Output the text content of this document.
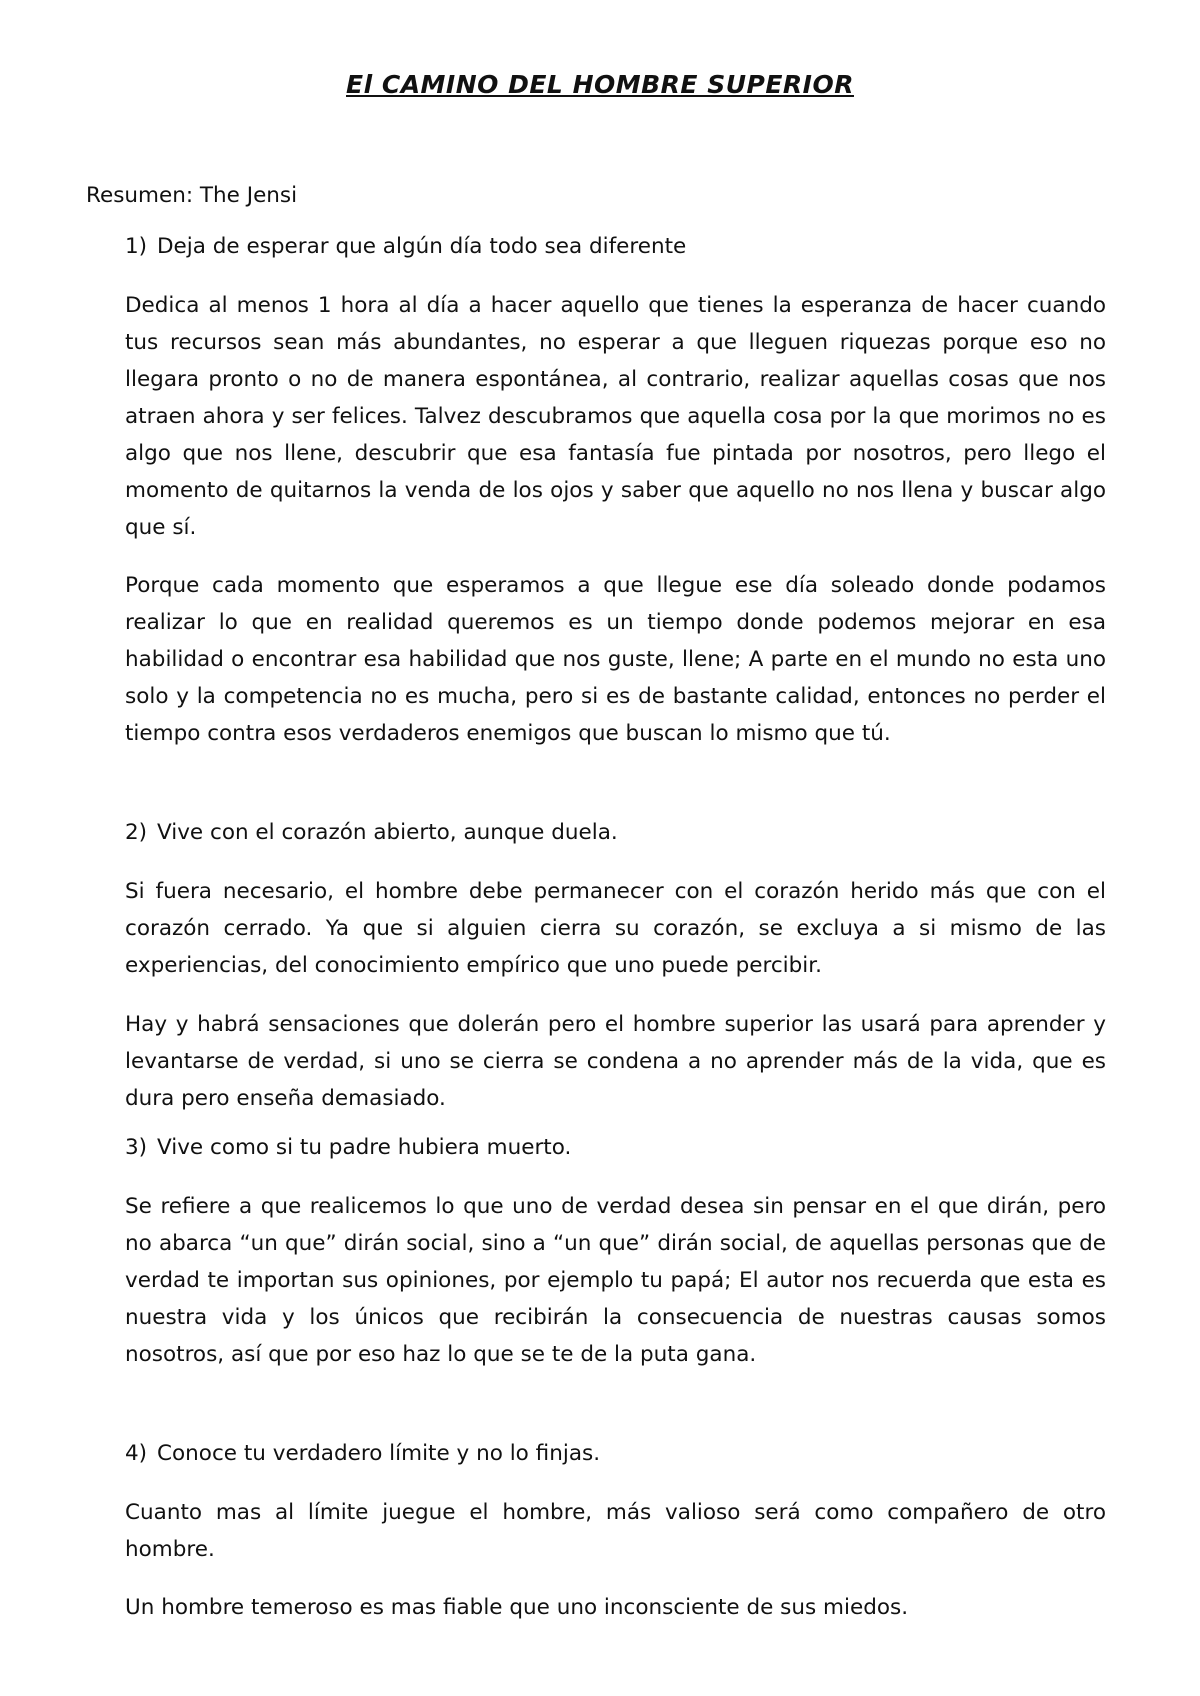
El CAMINO DEL HOMBRE SUPERIOR

Resumen: The Jensi

1) Deja de esperar que algún día todo sea diferente

Dedica al menos 1 hora al día a hacer aquello que tienes la esperanza de hacer cuando tus recursos sean más abundantes, no esperar a que lleguen riquezas porque eso no llegara pronto o no de manera espontánea, al contrario, realizar aquellas cosas que nos atraen ahora y ser felices. Talvez descubramos que aquella cosa por la que morimos no es algo que nos llene, descubrir que esa fantasía fue pintada por nosotros, pero llego el momento de quitarnos la venda de los ojos y saber que aquello no nos llena y buscar algo que sí.

Porque cada momento que esperamos a que llegue ese día soleado donde podamos realizar lo que en realidad queremos es un tiempo donde podemos mejorar en esa habilidad o encontrar esa habilidad que nos guste, llene; A parte en el mundo no esta uno solo y la competencia no es mucha, pero si es de bastante calidad, entonces no perder el tiempo contra esos verdaderos enemigos que buscan lo mismo que tú.

2) Vive con el corazón abierto, aunque duela.

Si fuera necesario, el hombre debe permanecer con el corazón herido más que con el corazón cerrado. Ya que si alguien cierra su corazón, se excluya a si mismo de las experiencias, del conocimiento empírico que uno puede percibir.

Hay y habrá sensaciones que dolerán pero el hombre superior las usará para aprender y levantarse de verdad, si uno se cierra se condena a no aprender más de la vida, que es dura pero enseña demasiado.

3) Vive como si tu padre hubiera muerto.

Se refiere a que realicemos lo que uno de verdad desea sin pensar en el que dirán, pero no abarca “un que” dirán social, sino a “un que” dirán social, de aquellas personas que de verdad te importan sus opiniones, por ejemplo tu papá; El autor nos recuerda que esta es nuestra vida y los únicos que recibirán la consecuencia de nuestras causas somos nosotros, así que por eso haz lo que se te de la puta gana.

4) Conoce tu verdadero límite y no lo finjas.

Cuanto mas al límite juegue el hombre, más valioso será como compañero de otro hombre.

Un hombre temeroso es mas fiable que uno inconsciente de sus miedos.
